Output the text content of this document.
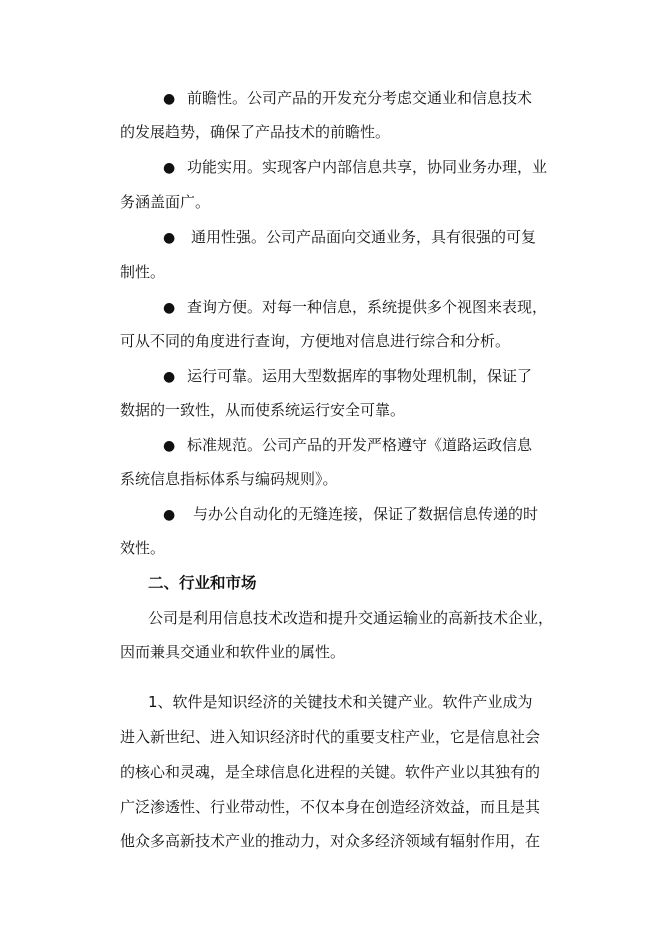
● 前瞻性。公司产品的开发充分考虑交通业和信息技术
的发展趋势，确保了产品技术的前瞻性。
● 功能实用。实现客户内部信息共享，协同业务办理，业
务涵盖面广。
● 通用性强。公司产品面向交通业务，具有很强的可复
制性。
● 查询方便。对每一种信息，系统提供多个视图来表现，
可从不同的角度进行查询，方便地对信息进行综合和分析。
● 运行可靠。运用大型数据库的事物处理机制，保证了
数据的一致性，从而使系统运行安全可靠。
● 标准规范。公司产品的开发严格遵守《道路运政信息
系统信息指标体系与编码规则》。
● 与办公自动化的无缝连接，保证了数据信息传递的时
效性。
二、行业和市场
公司是利用信息技术改造和提升交通运输业的高新技术企业，
因而兼具交通业和软件业的属性。
1、软件是知识经济的关键技术和关键产业。软件产业成为
进入新世纪、进入知识经济时代的重要支柱产业，它是信息社会
的核心和灵魂，是全球信息化进程的关键。软件产业以其独有的
广泛渗透性、行业带动性，不仅本身在创造经济效益，而且是其
他众多高新技术产业的推动力，对众多经济领域有辐射作用，在
